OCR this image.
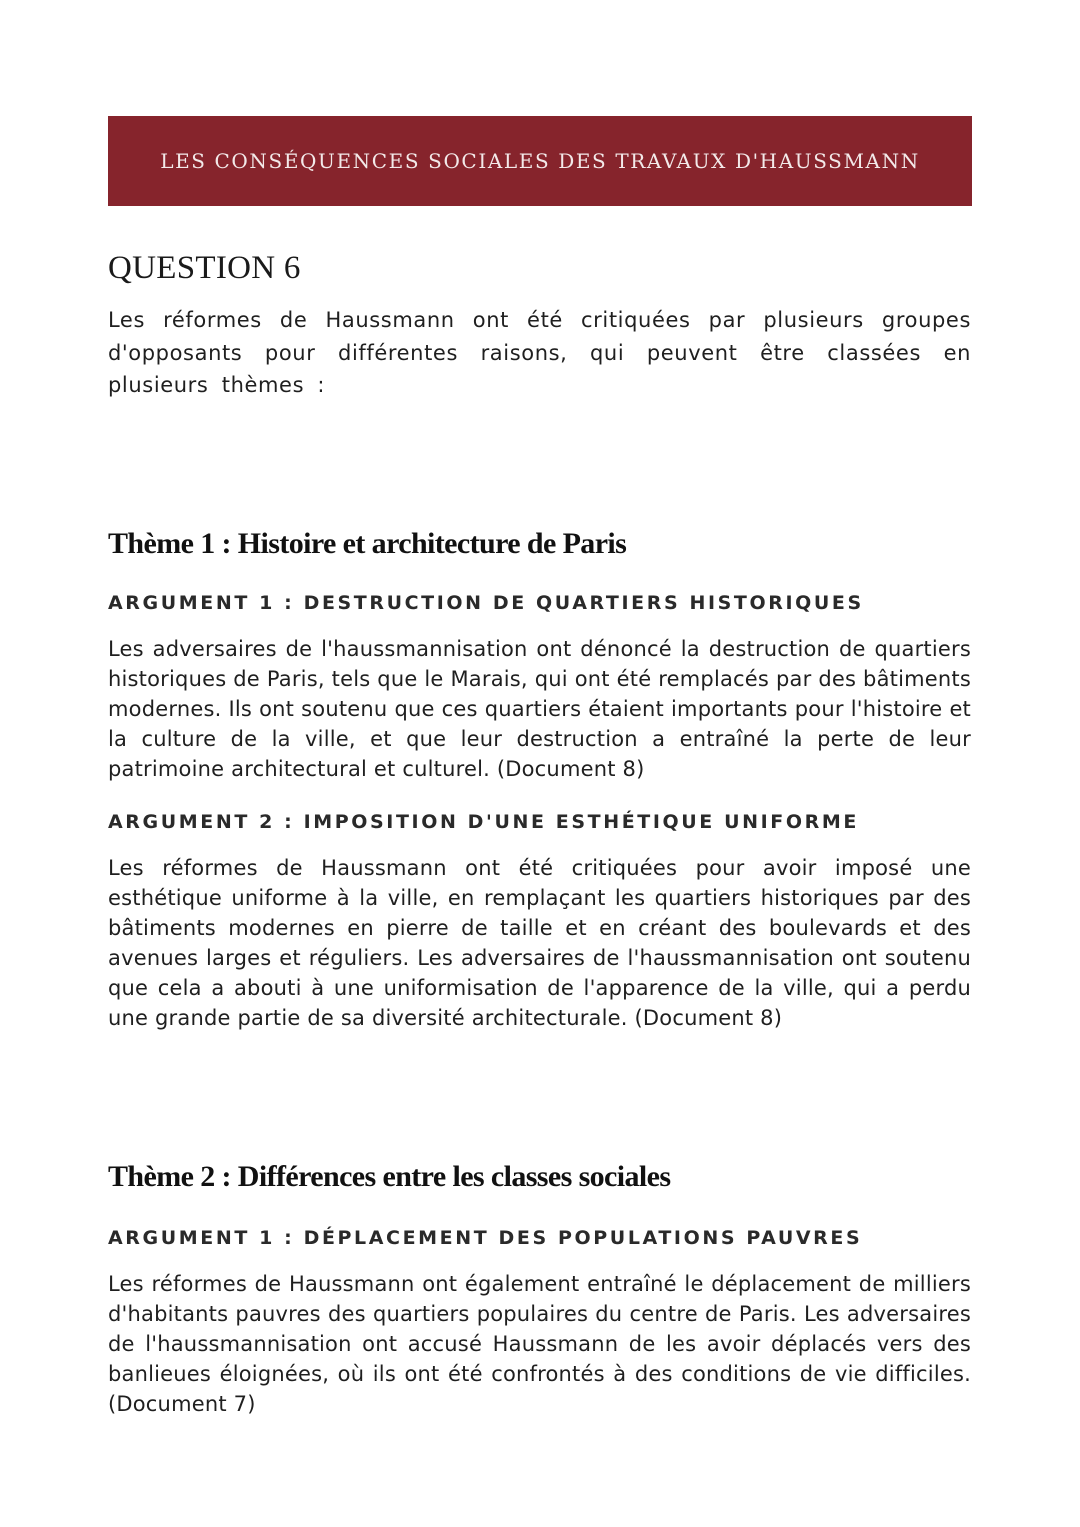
LES CONSÉQUENCES SOCIALES DES TRAVAUX D'HAUSSMANN
QUESTION 6

Les réformes de Haussmann ont été critiquées par plusieurs groupes d'opposants pour différentes raisons, qui peuvent être classées en plusieurs thèmes :

Thème 1 : Histoire et architecture de Paris
ARGUMENT 1 : DESTRUCTION DE QUARTIERS HISTORIQUES

Les adversaires de l'haussmannisation ont dénoncé la destruction de quartiers historiques de Paris, tels que le Marais, qui ont été remplacés par des bâtiments modernes. Ils ont soutenu que ces quartiers étaient importants pour l'histoire et la culture de la ville, et que leur destruction a entraîné la perte de leur patrimoine architectural et culturel. (Document 8)

ARGUMENT 2 : IMPOSITION D'UNE ESTHÉTIQUE UNIFORME

Les réformes de Haussmann ont été critiquées pour avoir imposé une esthétique uniforme à la ville, en remplaçant les quartiers historiques par des bâtiments modernes en pierre de taille et en créant des boulevards et des avenues larges et réguliers. Les adversaires de l'haussmannisation ont soutenu que cela a abouti à une uniformisation de l'apparence de la ville, qui a perdu une grande partie de sa diversité architecturale. (Document 8)

Thème 2 : Différences entre les classes sociales
ARGUMENT 1 : DÉPLACEMENT DES POPULATIONS PAUVRES

Les réformes de Haussmann ont également entraîné le déplacement de milliers d'habitants pauvres des quartiers populaires du centre de Paris. Les adversaires de l'haussmannisation ont accusé Haussmann de les avoir déplacés vers des banlieues éloignées, où ils ont été confrontés à des conditions de vie difficiles. (Document 7)
